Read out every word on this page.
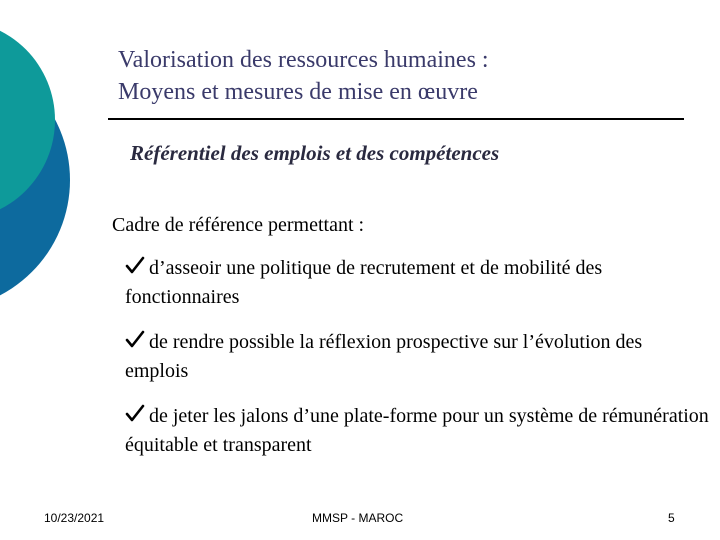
Valorisation des ressources humaines :
Moyens et mesures de mise en œuvre
Référentiel des emplois et des compétences
Cadre de référence permettant :
d’asseoir une politique de recrutement et de mobilité des fonctionnaires
de rendre possible la réflexion prospective sur l’évolution des emplois
de jeter les jalons d’une plate-forme pour un système de rémunération équitable et transparent
10/23/2021	MMSP - MAROC	5
